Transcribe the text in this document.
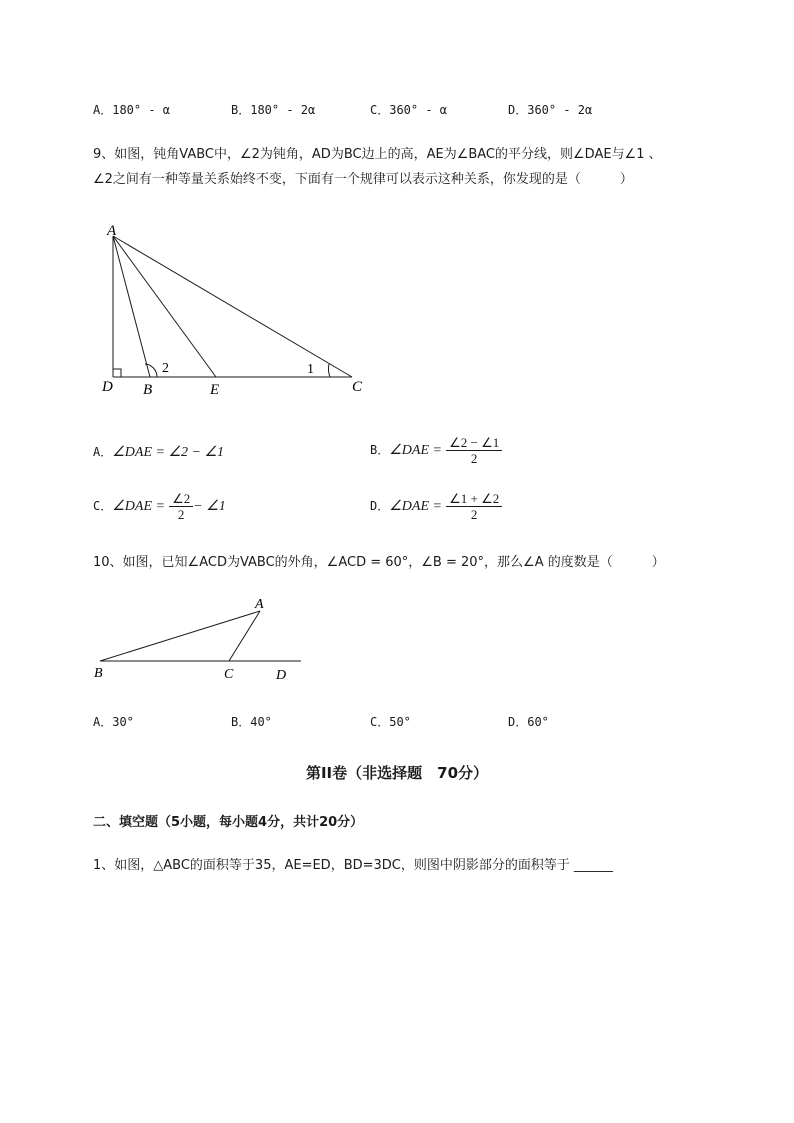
A．180° - α	B．180° - 2α	C．360° - α	D．360° - 2α
9、如图，钝角VABC中，∠2为钝角，AD为BC边上的高，AE为∠BAC的平分线，则∠DAE与∠1 、
∠2之间有一种等量关系始终不变，下面有一个规律可以表示这种关系，你发现的是（　　　）
A
D B	E	C
2	1
A．∠DAE = ∠2 − ∠1	B．∠DAE = $\frac{\angle 2 - \angle 1}{2}$
C．∠DAE = $\frac{\angle 2}{2}$ − ∠1	D．∠DAE = $\frac{\angle 1 + \angle 2}{2}$
10、如图，已知∠ACD为VABC的外角，∠ACD = 60°，∠B = 20°，那么∠A 的度数是（　　　）
A
B	C	D
A．30°	B．40°	C．50°	D．60°
第II卷（非选择题　70分）
二、填空题（5小题，每小题4分，共计20分）
1、如图，△ABC的面积等于35，AE=ED，BD=3DC，则图中阴影部分的面积等于 ______
